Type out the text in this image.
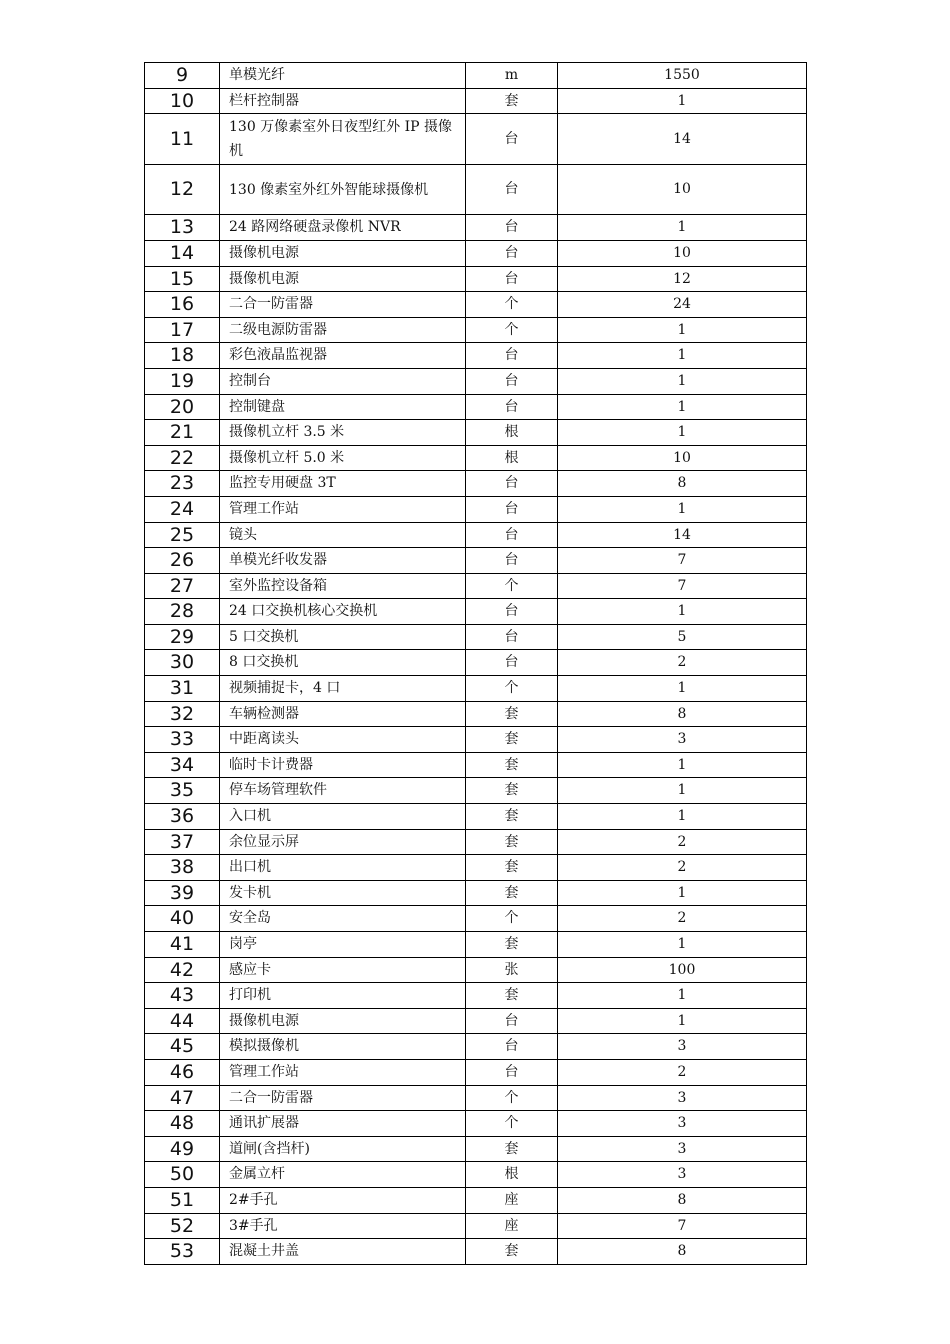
9	单模光纤	m	1550
10	栏杆控制器	套	1
11	130 万像素室外日夜型红外 IP 摄像机	台	14
12	130 像素室外红外智能球摄像机	台	10
13	24 路网络硬盘录像机 NVR	台	1
14	摄像机电源	台	10
15	摄像机电源	台	12
16	二合一防雷器	个	24
17	二级电源防雷器	个	1
18	彩色液晶监视器	台	1
19	控制台	台	1
20	控制键盘	台	1
21	摄像机立杆 3.5 米	根	1
22	摄像机立杆 5.0 米	根	10
23	监控专用硬盘 3T	台	8
24	管理工作站	台	1
25	镜头	台	14
26	单模光纤收发器	台	7
27	室外监控设备箱	个	7
28	24 口交换机核心交换机	台	1
29	5 口交换机	台	5
30	8 口交换机	台	2
31	视频捕捉卡，4 口	个	1
32	车辆检测器	套	8
33	中距离读头	套	3
34	临时卡计费器	套	1
35	停车场管理软件	套	1
36	入口机	套	1
37	余位显示屏	套	2
38	出口机	套	2
39	发卡机	套	1
40	安全岛	个	2
41	岗亭	套	1
42	感应卡	张	100
43	打印机	套	1
44	摄像机电源	台	1
45	模拟摄像机	台	3
46	管理工作站	台	2
47	二合一防雷器	个	3
48	通讯扩展器	个	3
49	道闸(含挡杆)	套	3
50	金属立杆	根	3
51	2#手孔	座	8
52	3#手孔	座	7
53	混凝土井盖	套	8
